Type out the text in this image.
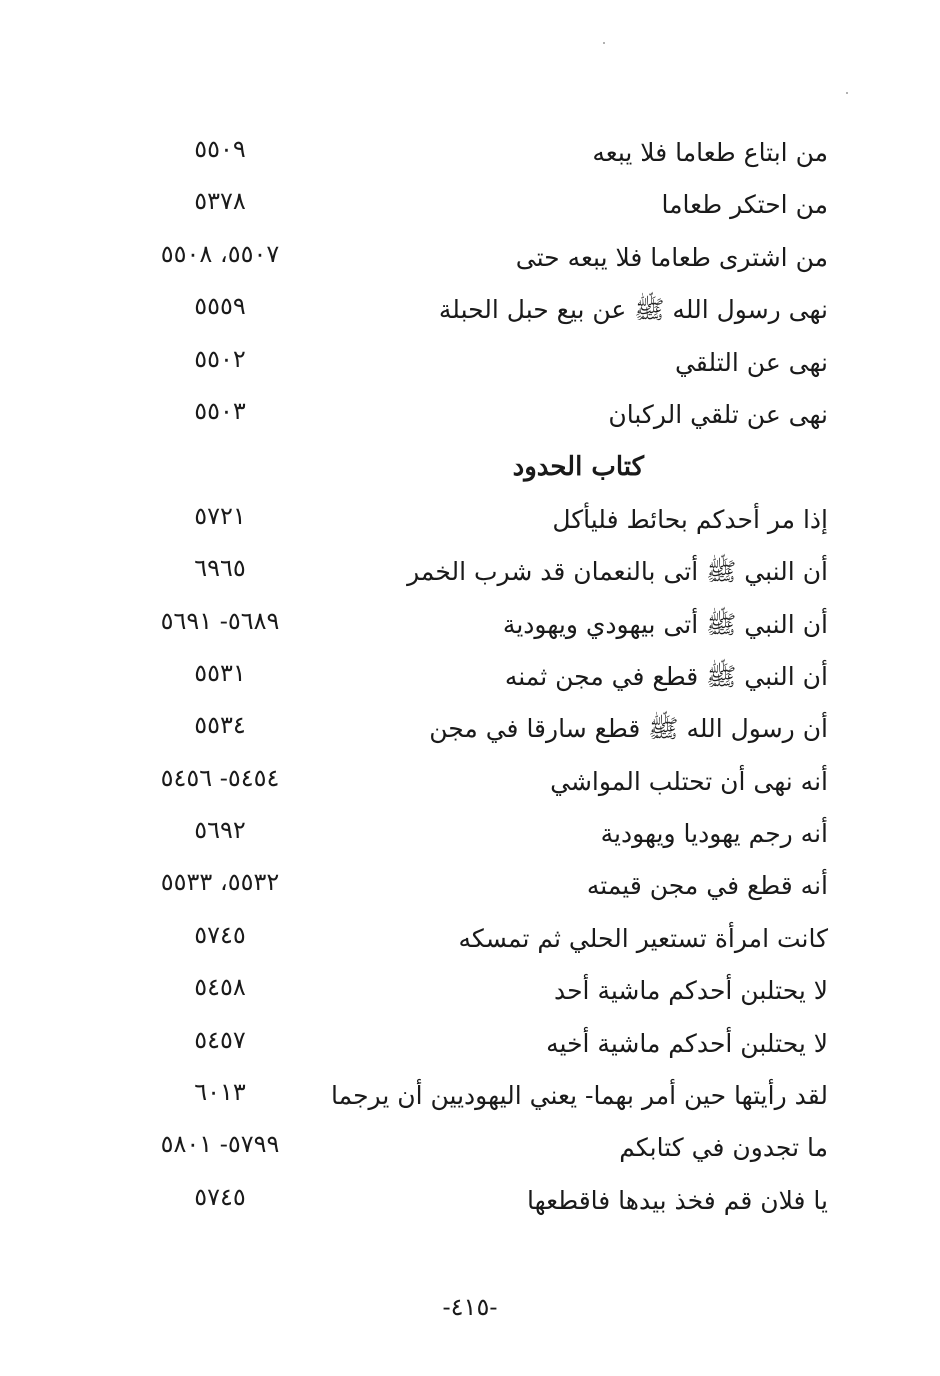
من ابتاع طعاما فلا يبعه
٥٥٠٩
من احتكر طعاما
٥٣٧٨
من اشترى طعاما فلا يبعه حتى
٥٥٠٧، ٥٥٠٨
نهى رسول الله ﷺ عن بيع حبل الحبلة
٥٥٥٩
نهى عن التلقي
٥٥٠٢
نهى عن تلقي الركبان
٥٥٠٣
كتاب الحدود
إذا مر أحدكم بحائط فليأكل
٥٧٢١
أن النبي ﷺ أتى بالنعمان قد شرب الخمر
٦٩٦٥
أن النبي ﷺ أتى بيهودي ويهودية
٥٦٨٩- ٥٦٩١
أن النبي ﷺ قطع في مجن ثمنه
٥٥٣١
أن رسول الله ﷺ قطع سارقا في مجن
٥٥٣٤
أنه نهى أن تحتلب المواشي
٥٤٥٤- ٥٤٥٦
أنه رجم يهوديا ويهودية
٥٦٩٢
أنه قطع في مجن قيمته
٥٥٣٢، ٥٥٣٣
كانت امرأة تستعير الحلي ثم تمسكه
٥٧٤٥
لا يحتلبن أحدكم ماشية أحد
٥٤٥٨
لا يحتلبن أحدكم ماشية أخيه
٥٤٥٧
لقد رأيتها حين أمر بهما- يعني اليهوديين أن يرجما
٦٠١٣
ما تجدون في كتابكم
٥٧٩٩- ٥٨٠١
يا فلان قم فخذ بيدها فاقطعها
٥٧٤٥
-٤١٥-
